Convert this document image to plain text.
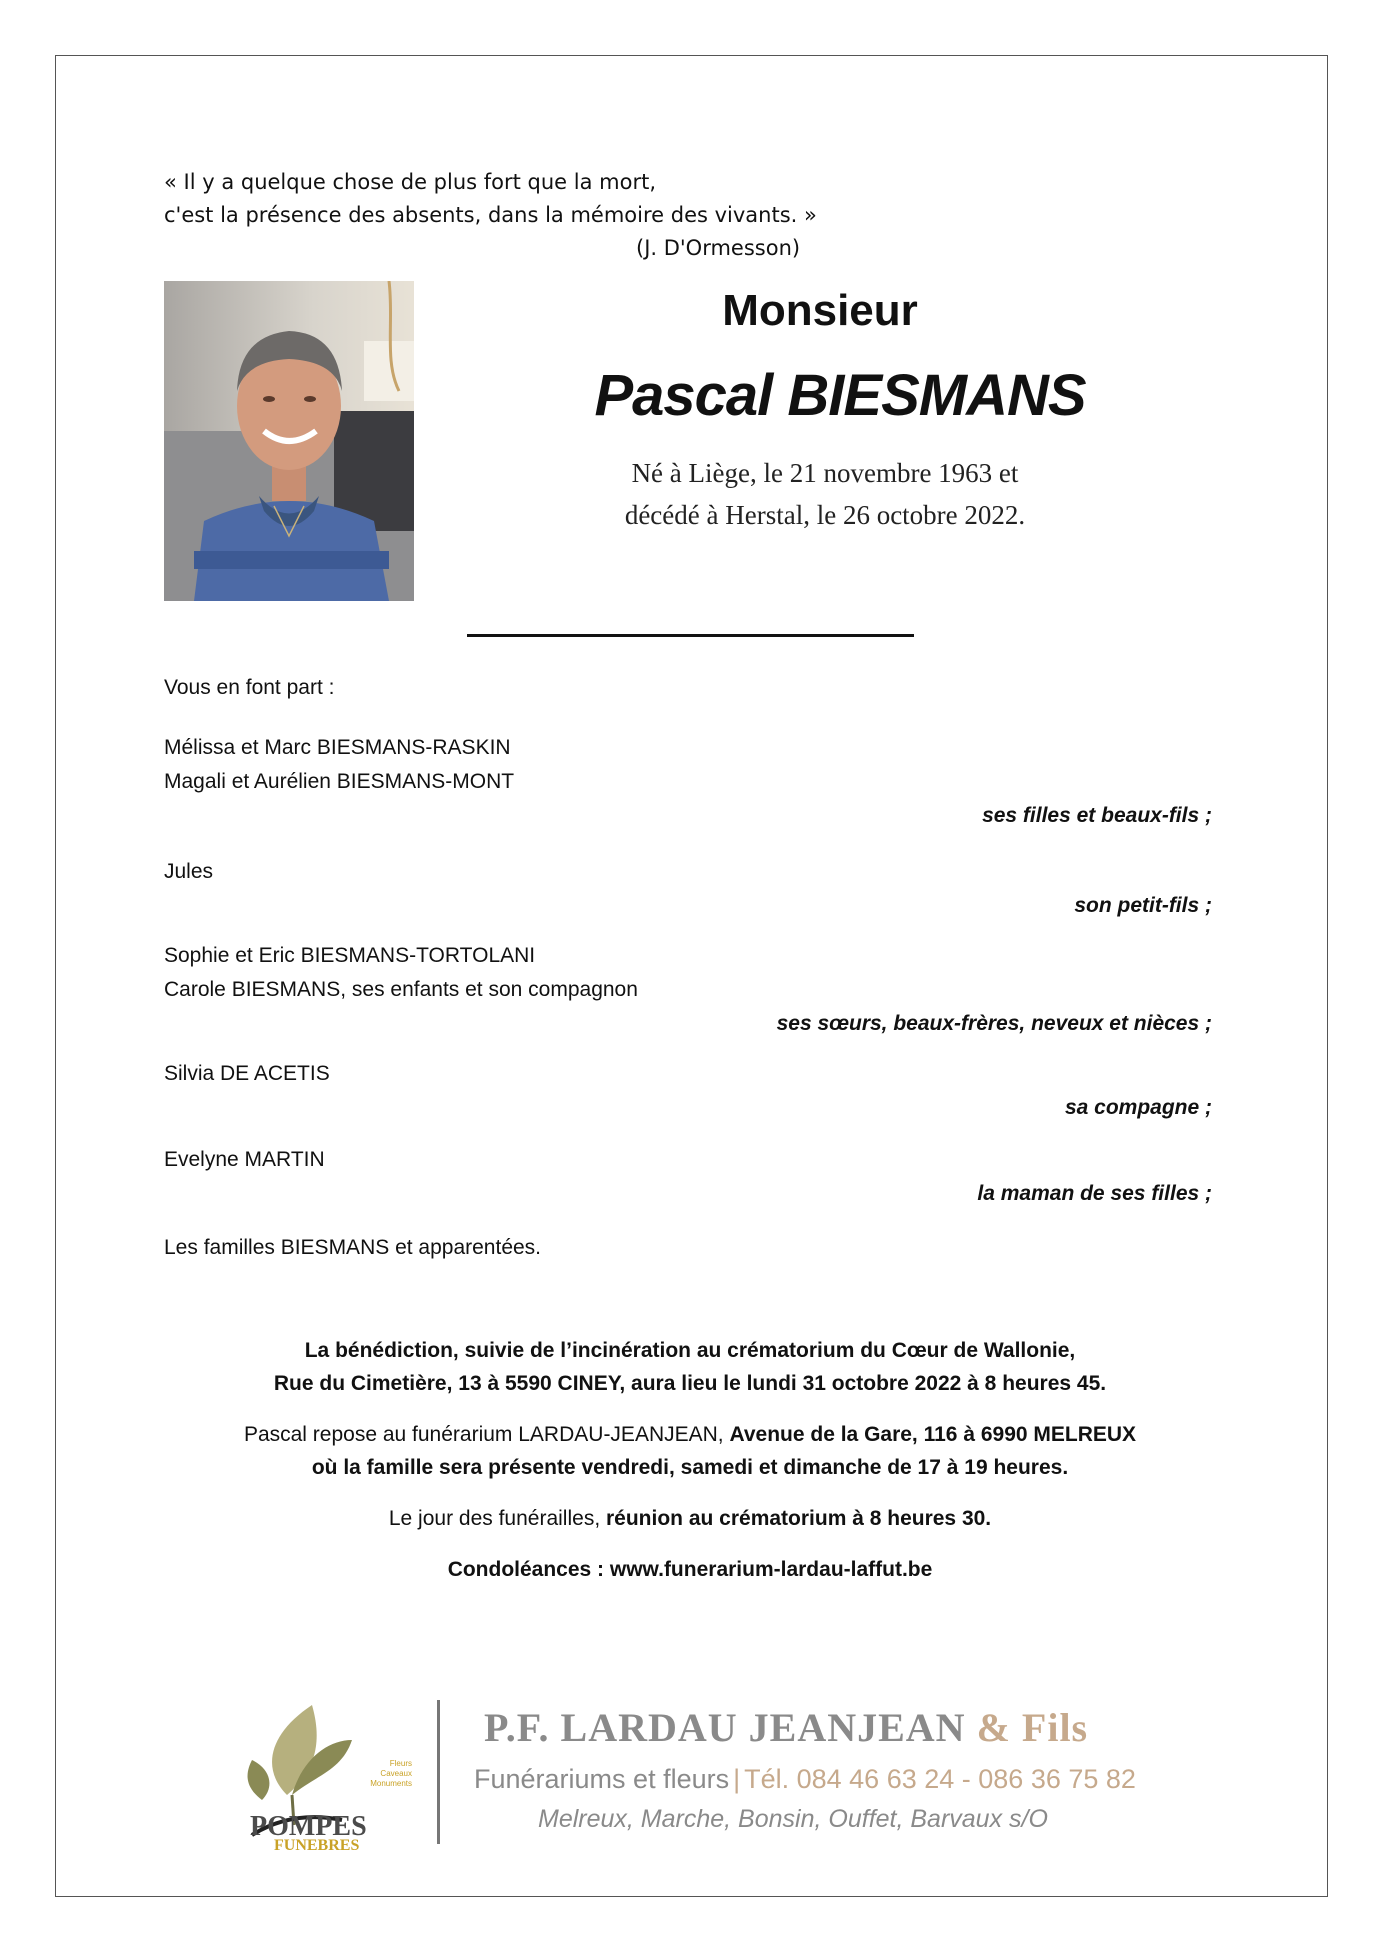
« Il y a quelque chose de plus fort que la mort,
c'est la présence des absents, dans la mémoire des vivants. »
(J. D'Ormesson)
Monsieur
Pascal BIESMANS
Né à Liège, le 21 novembre 1963 et
décédé à Herstal, le 26 octobre 2022.
Vous en font part :
Mélissa et Marc BIESMANS-RASKIN
Magali et Aurélien BIESMANS-MONT
ses filles et beaux-fils ;
Jules
son petit-fils ;
Sophie et Eric BIESMANS-TORTOLANI
Carole BIESMANS, ses enfants et son compagnon
ses sœurs, beaux-frères, neveux et nièces ;
Silvia DE ACETIS
sa compagne ;
Evelyne MARTIN
la maman de ses filles ;
Les familles BIESMANS et apparentées.
La bénédiction, suivie de l’incinération au crématorium du Cœur de Wallonie,
Rue du Cimetière, 13 à 5590 CINEY, aura lieu le lundi 31 octobre 2022 à 8 heures 45.
Pascal repose au funérarium LARDAU-JEANJEAN, Avenue de la Gare, 116 à 6990 MELREUX
où la famille sera présente vendredi, samedi et dimanche de 17 à 19 heures.
Le jour des funérailles, réunion au crématorium à 8 heures 30.
Condoléances : www.funerarium-lardau-laffut.be
POMPES
FUNEBRES
Fleurs
Caveaux
Monuments
P.F. LARDAU JEANJEAN & Fils
Funérariums et fleurs | Tél. 084 46 63 24 - 086 36 75 82
Melreux, Marche, Bonsin, Ouffet, Barvaux s/O
